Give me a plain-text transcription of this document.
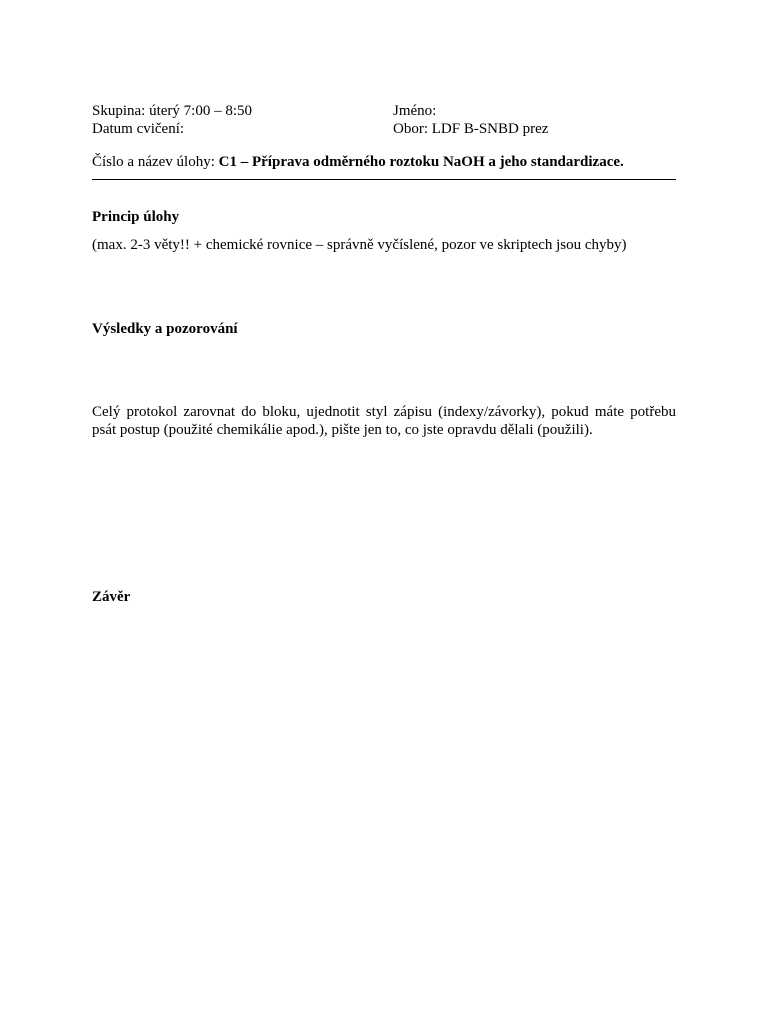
Skupina: úterý 7:00 – 8:50
Datum cvičení:
Jméno:
Obor: LDF B-SNBD prez
Číslo a název úlohy: C1 – Příprava odměrného roztoku NaOH a jeho standardizace.
Princip úlohy
(max. 2-3 věty!! + chemické rovnice – správně vyčíslené, pozor ve skriptech jsou chyby)
Výsledky a pozorování
Celý protokol zarovnat do bloku, ujednotit styl zápisu (indexy/závorky), pokud máte potřebu
psát postup (použité chemikálie apod.), pište jen to, co jste opravdu dělali (použili).
Závěr
